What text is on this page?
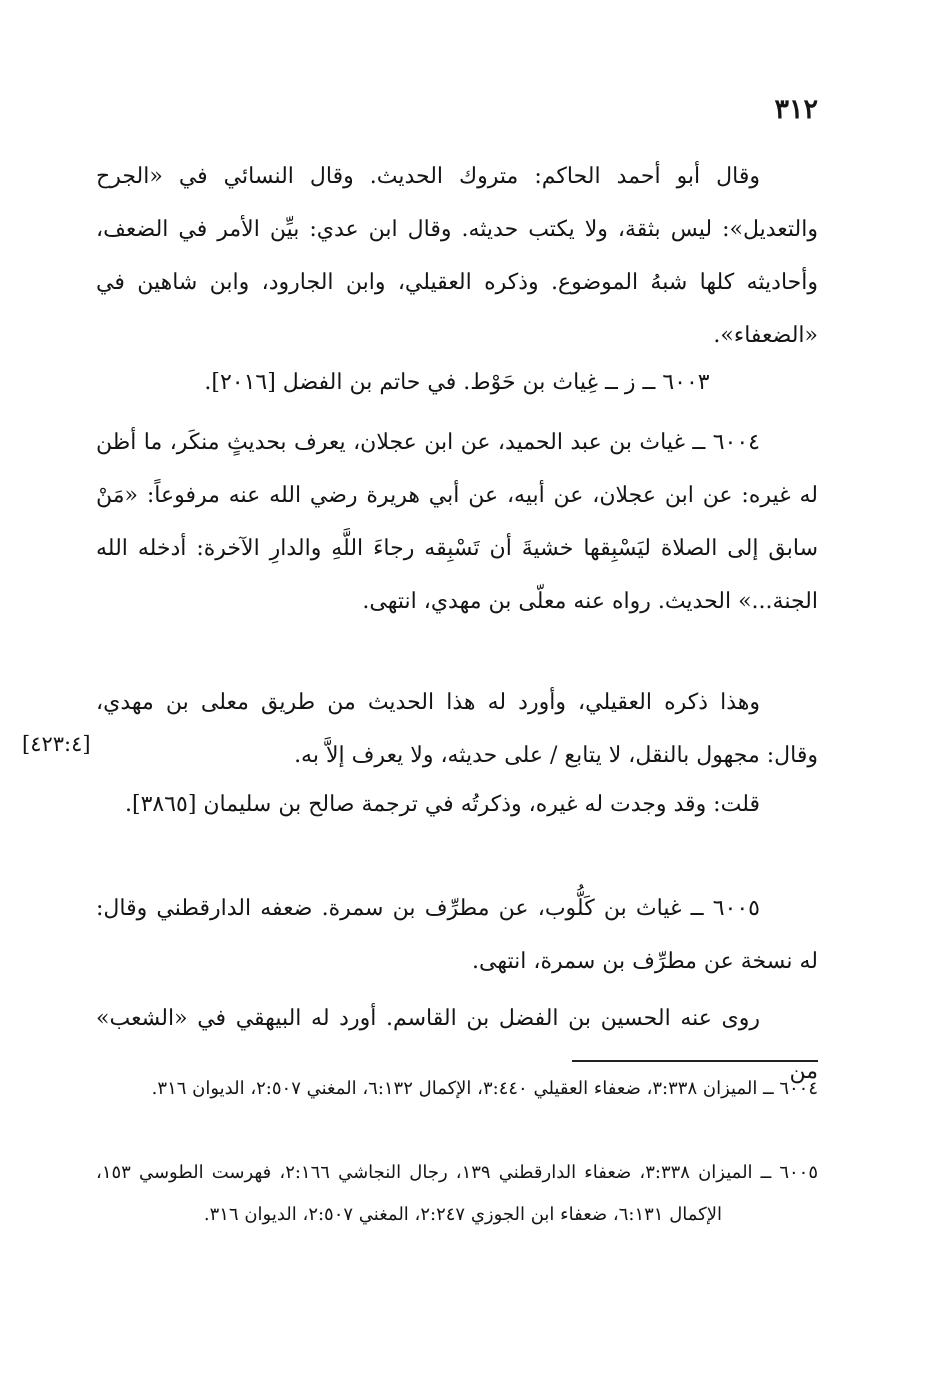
٣١٢

وقال أبو أحمد الحاكم: متروك الحديث. وقال النسائي في «الجرح والتعديل»: ليس بثقة، ولا يكتب حديثه. وقال ابن عدي: بيِّن الأمر في الضعف، وأحاديثه كلها شبهُ الموضوع. وذكره العقيلي، وابن الجارود، وابن شاهين في «الضعفاء».

٦٠٠٣ ــ ز ــ غِياث بن حَوْط. في حاتم بن الفضل [٢٠١٦].

٦٠٠٤ ــ غياث بن عبد الحميد، عن ابن عجلان، يعرف بحديثٍ منكَر، ما أظن له غيره: عن ابن عجلان، عن أبيه، عن أبي هريرة رضي الله عنه مرفوعاً: «مَنْ سابق إلى الصلاة ليَسْبِقها خشيةَ أن تَسْبِقه رجاءَ اللَّهِ والدارِ الآخرة: أدخله الله الجنة...» الحديث. رواه عنه معلّى بن مهدي، انتهى.

وهذا ذكره العقيلي، وأورد له هذا الحديث من طريق معلى بن مهدي، وقال: مجهول بالنقل، لا يتابع / على حديثه، ولا يعرف إلاَّ به.

[٤٢٣:٤]

قلت: وقد وجدت له غيره، وذكرتُه في ترجمة صالح بن سليمان [٣٨٦٥].

٦٠٠٥ ــ غياث بن كَلُّوب، عن مطرِّف بن سمرة. ضعفه الدارقطني وقال: له نسخة عن مطرِّف بن سمرة، انتهى.

روى عنه الحسين بن الفضل بن القاسم. أورد له البيهقي في «الشعب» من

٦٠٠٤ ــ الميزان ٣:٣٣٨، ضعفاء العقيلي ٣:٤٤٠، الإكمال ٦:١٣٢، المغني ٢:٥٠٧، الديوان ٣١٦.

٦٠٠٥ ــ الميزان ٣:٣٣٨، ضعفاء الدارقطني ١٣٩، رجال النجاشي ٢:١٦٦، فهرست الطوسي ١٥٣، الإكمال ٦:١٣١، ضعفاء ابن الجوزي ٢:٢٤٧، المغني ٢:٥٠٧، الديوان ٣١٦.
